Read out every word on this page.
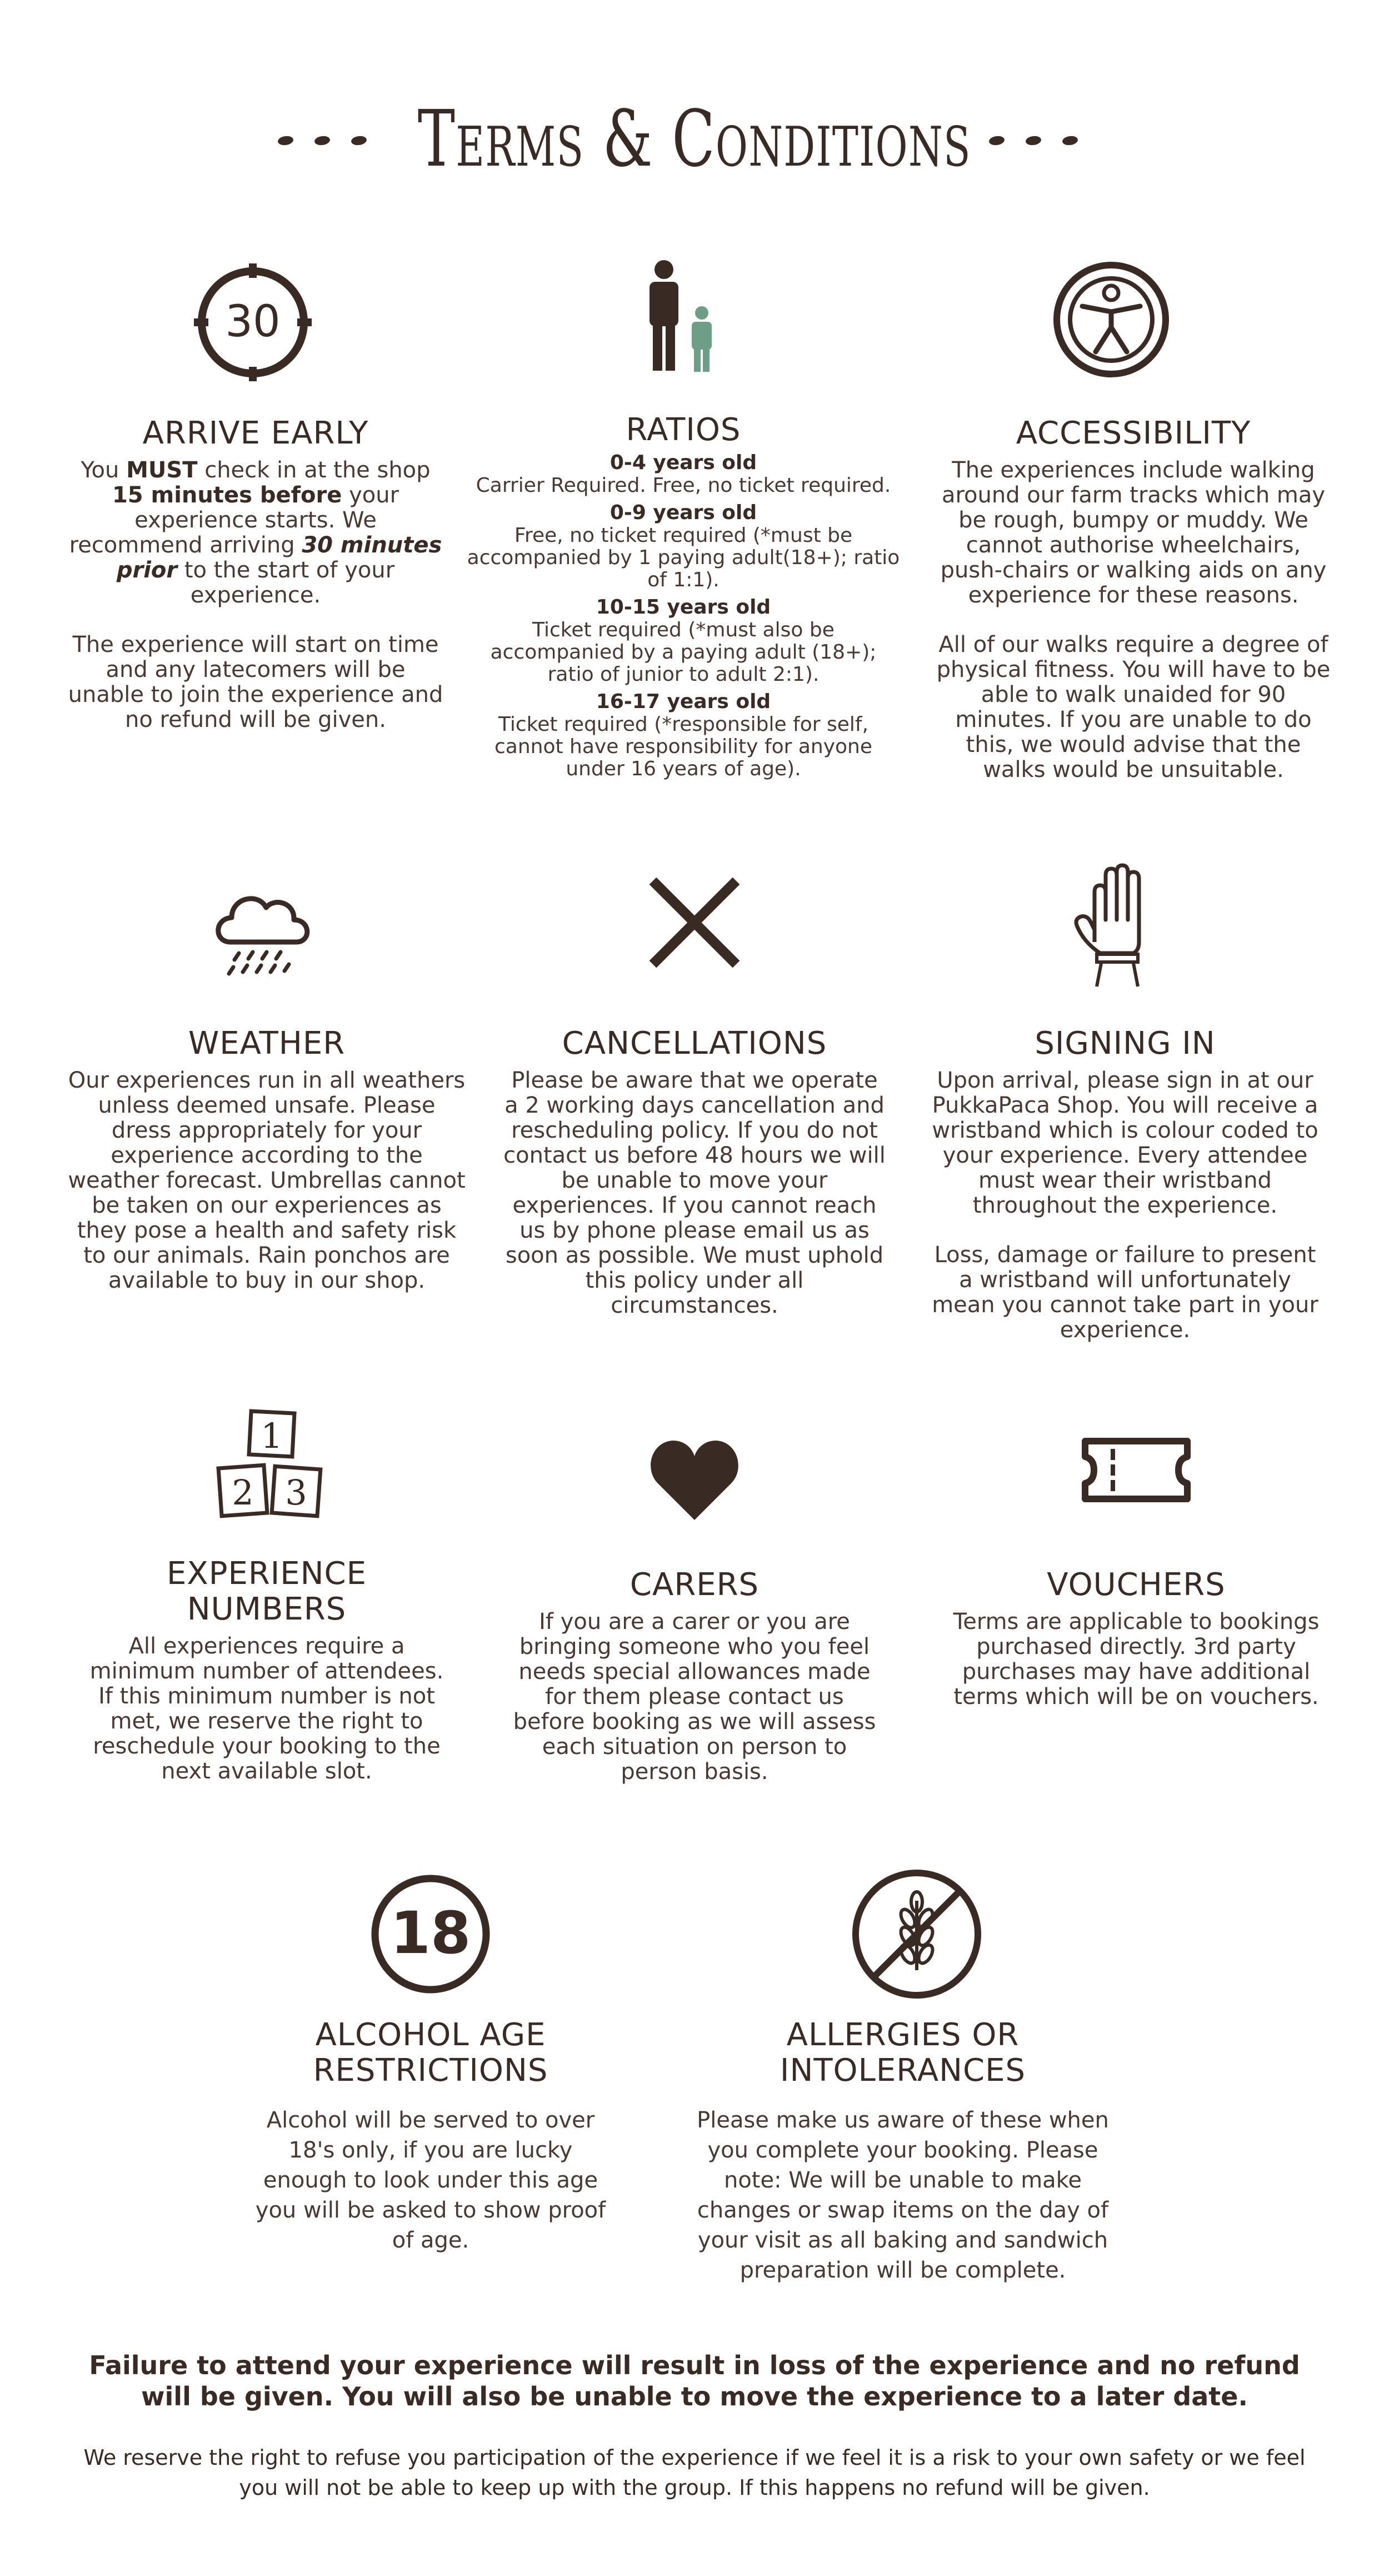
Terms & Conditions
30
ARRIVE EARLY

You MUST check in at the shop 15 minutes before your experience starts. We recommend arriving 30 minutes prior to the start of your experience.

The experience will start on time and any latecomers will be unable to join the experience and no refund will be given.

RATIOS
0-4 years old
Carrier Required. Free, no ticket required.
0-9 years old
Free, no ticket required (*must be accompanied by 1 paying adult(18+); ratio of 1:1).
10-15 years old
Ticket required (*must also be accompanied by a paying adult (18+); ratio of junior to adult 2:1).
16-17 years old
Ticket required (*responsible for self, cannot have responsibility for anyone under 16 years of age).
ACCESSIBILITY

The experiences include walking around our farm tracks which may be rough, bumpy or muddy. We cannot authorise wheelchairs, push-chairs or walking aids on any experience for these reasons.

All of our walks require a degree of physical fitness. You will have to be able to walk unaided for 90 minutes. If you are unable to do this, we would advise that the walks would be unsuitable.

WEATHER

Our experiences run in all weathers unless deemed unsafe. Please dress appropriately for your experience according to the weather forecast. Umbrellas cannot be taken on our experiences as they pose a health and safety risk to our animals. Rain ponchos are available to buy in our shop.

CANCELLATIONS

Please be aware that we operate a 2 working days cancellation and rescheduling policy. If you do not contact us before 48 hours we will be unable to move your experiences. If you cannot reach us by phone please email us as soon as possible. We must uphold this policy under all circumstances.

SIGNING IN

Upon arrival, please sign in at our PukkaPaca Shop. You will receive a wristband which is colour coded to your experience. Every attendee must wear their wristband throughout the experience.

Loss, damage or failure to present a wristband will unfortunately mean you cannot take part in your experience.

1
2 3
EXPERIENCE
NUMBERS

All experiences require a minimum number of attendees. If this minimum number is not met, we reserve the right to reschedule your booking to the next available slot.

CARERS

If you are a carer or you are bringing someone who you feel needs special allowances made for them please contact us before booking as we will assess each situation on person to person basis.

VOUCHERS

Terms are applicable to bookings purchased directly. 3rd party purchases may have additional terms which will be on vouchers.

18
ALCOHOL AGE
RESTRICTIONS

Alcohol will be served to over 18's only, if you are lucky enough to look under this age you will be asked to show proof of age.

ALLERGIES OR
INTOLERANCES

Please make us aware of these when you complete your booking. Please note: We will be unable to make changes or swap items on the day of your visit as all baking and sandwich preparation will be complete.

Failure to attend your experience will result in loss of the experience and no refund will be given. You will also be unable to move the experience to a later date.
We reserve the right to refuse you participation of the experience if we feel it is a risk to your own safety or we feel you will not be able to keep up with the group. If this happens no refund will be given.
